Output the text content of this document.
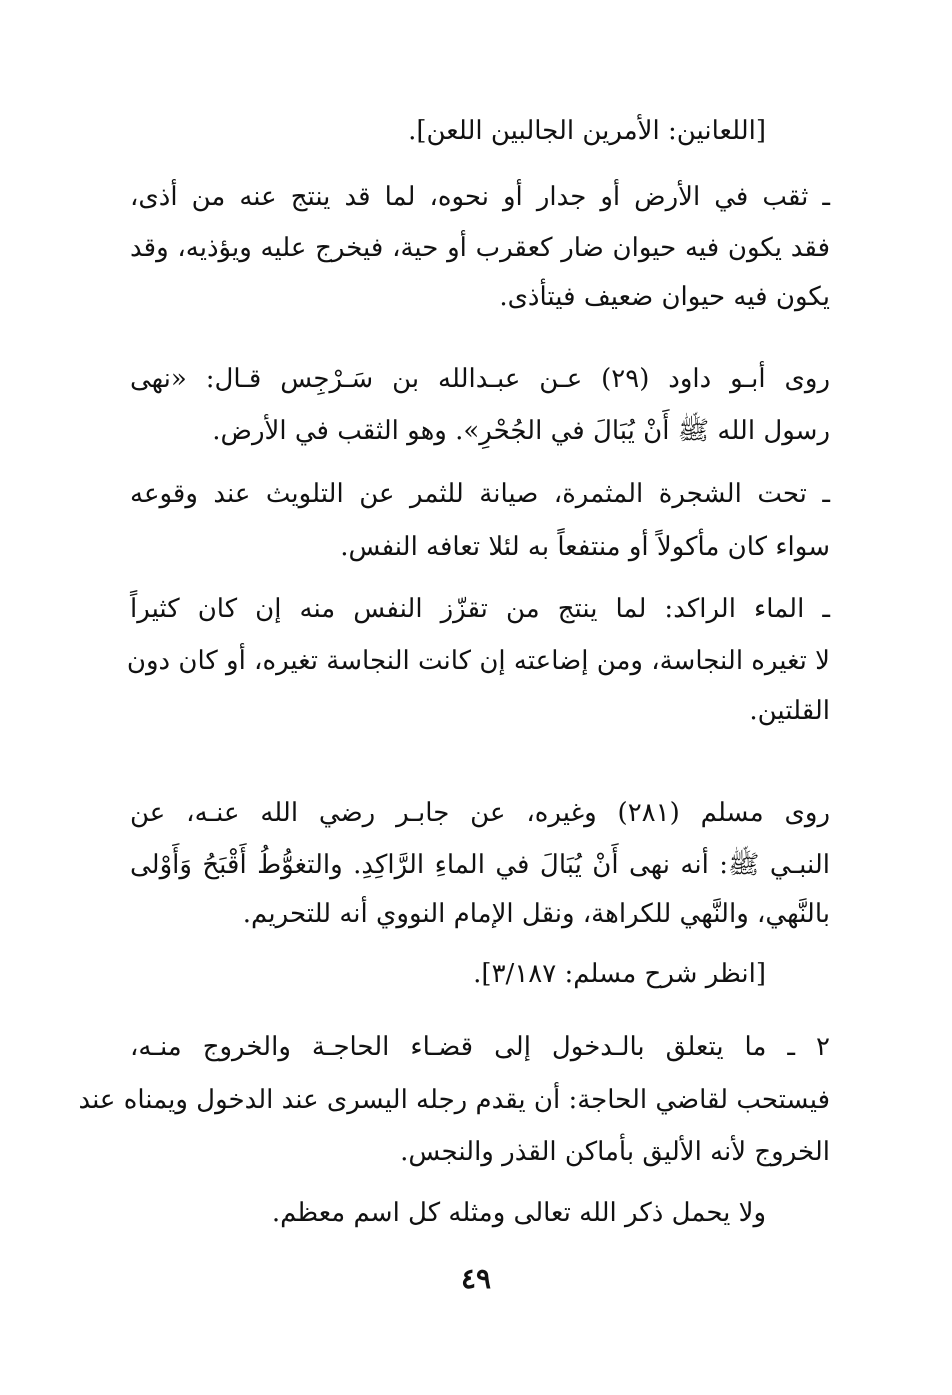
[اللعانين: الأمرين الجالبين اللعن].
ـ ثقب في الأرض أو جدار أو نحوه، لما قد ينتج عنه من أذى،
فقد يكون فيه حيوان ضار كعقرب أو حية، فيخرج عليه ويؤذيه، وقد
يكون فيه حيوان ضعيف فيتأذى.
روى أبـو داود (٢٩) عـن عبـدالله بن سَـرْجِس قـال: «نهى
رسول الله ﷺ أَنْ يُبَالَ في الجُحْرِ». وهو الثقب في الأرض.
ـ تحت الشجرة المثمرة، صيانة للثمر عن التلويث عند وقوعه
سواء كان مأكولاً أو منتفعاً به لئلا تعافه النفس.
ـ الماء الراكد: لما ينتج من تقزّز النفس منه إن كان كثيراً
لا تغيره النجاسة، ومن إضاعته إن كانت النجاسة تغيره، أو كان دون
القلتين.
روى مسلم (٢٨١) وغيره، عن جابـر رضي الله عنـه، عن
النبـي ﷺ: أنه نهى أَنْ يُبَالَ في الماءِ الرَّاكِدِ. والتغوُّطُ أَقْبَحُ وَأَوْلى
بالنَّهي، والنَّهي للكراهة، ونقل الإمام النووي أنه للتحريم.
[انظر شرح مسلم: ٣/١٨٧].
٢ ـ ما يتعلق بالـدخول إلى قضـاء الحاجـة والخروج منـه،
فيستحب لقاضي الحاجة: أن يقدم رجله اليسرى عند الدخول ويمناه عند
الخروج لأنه الأليق بأماكن القذر والنجس.
ولا يحمل ذكر الله تعالى ومثله كل اسم معظم.
٤٩
